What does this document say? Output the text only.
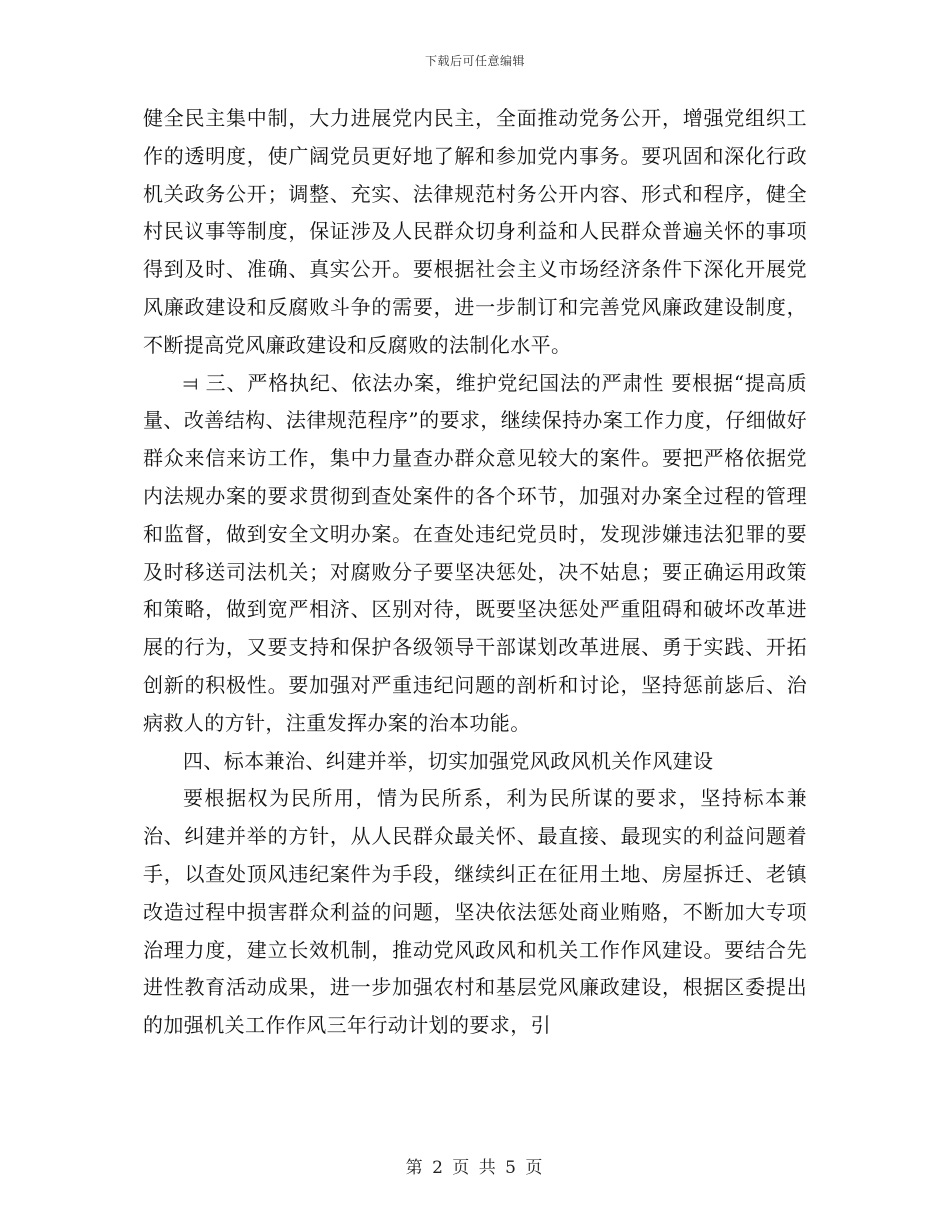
下载后可任意编辑

健全民主集中制，大力进展党内民主，全面推动党务公开，增强党组织工作的透明度，使广阔党员更好地了解和参加党内事务。要巩固和深化行政机关政务公开；调整、充实、法律规范村务公开内容、形式和程序，健全村民议事等制度，保证涉及人民群众切身利益和人民群众普遍关怀的事项得到及时、准确、真实公开。要根据社会主义市场经济条件下深化开展党风廉政建设和反腐败斗争的需要，进一步制订和完善党风廉政建设制度，不断提高党风廉政建设和反腐败的法制化水平。

⫤ 三、严格执纪、依法办案，维护党纪国法的严肃性 要根据“提高质量、改善结构、法律规范程序”的要求，继续保持办案工作力度，仔细做好群众来信来访工作，集中力量查办群众意见较大的案件。要把严格依据党内法规办案的要求贯彻到查处案件的各个环节，加强对办案全过程的管理和监督，做到安全文明办案。在查处违纪党员时，发现涉嫌违法犯罪的要及时移送司法机关；对腐败分子要坚决惩处，决不姑息；要正确运用政策和策略，做到宽严相济、区别对待，既要坚决惩处严重阻碍和破坏改革进展的行为，又要支持和保护各级领导干部谋划改革进展、勇于实践、开拓创新的积极性。要加强对严重违纪问题的剖析和讨论，坚持惩前毖后、治病救人的方针，注重发挥办案的治本功能。

四、标本兼治、纠建并举，切实加强党风政风机关作风建设

要根据权为民所用，情为民所系，利为民所谋的要求，坚持标本兼治、纠建并举的方针，从人民群众最关怀、最直接、最现实的利益问题着手，以查处顶风违纪案件为手段，继续纠正在征用土地、房屋拆迁、老镇改造过程中损害群众利益的问题，坚决依法惩处商业贿赂，不断加大专项治理力度，建立长效机制，推动党风政风和机关工作作风建设。要结合先进性教育活动成果，进一步加强农村和基层党风廉政建设，根据区委提出的加强机关工作作风三年行动计划的要求，引

第 2 页 共 5 页
